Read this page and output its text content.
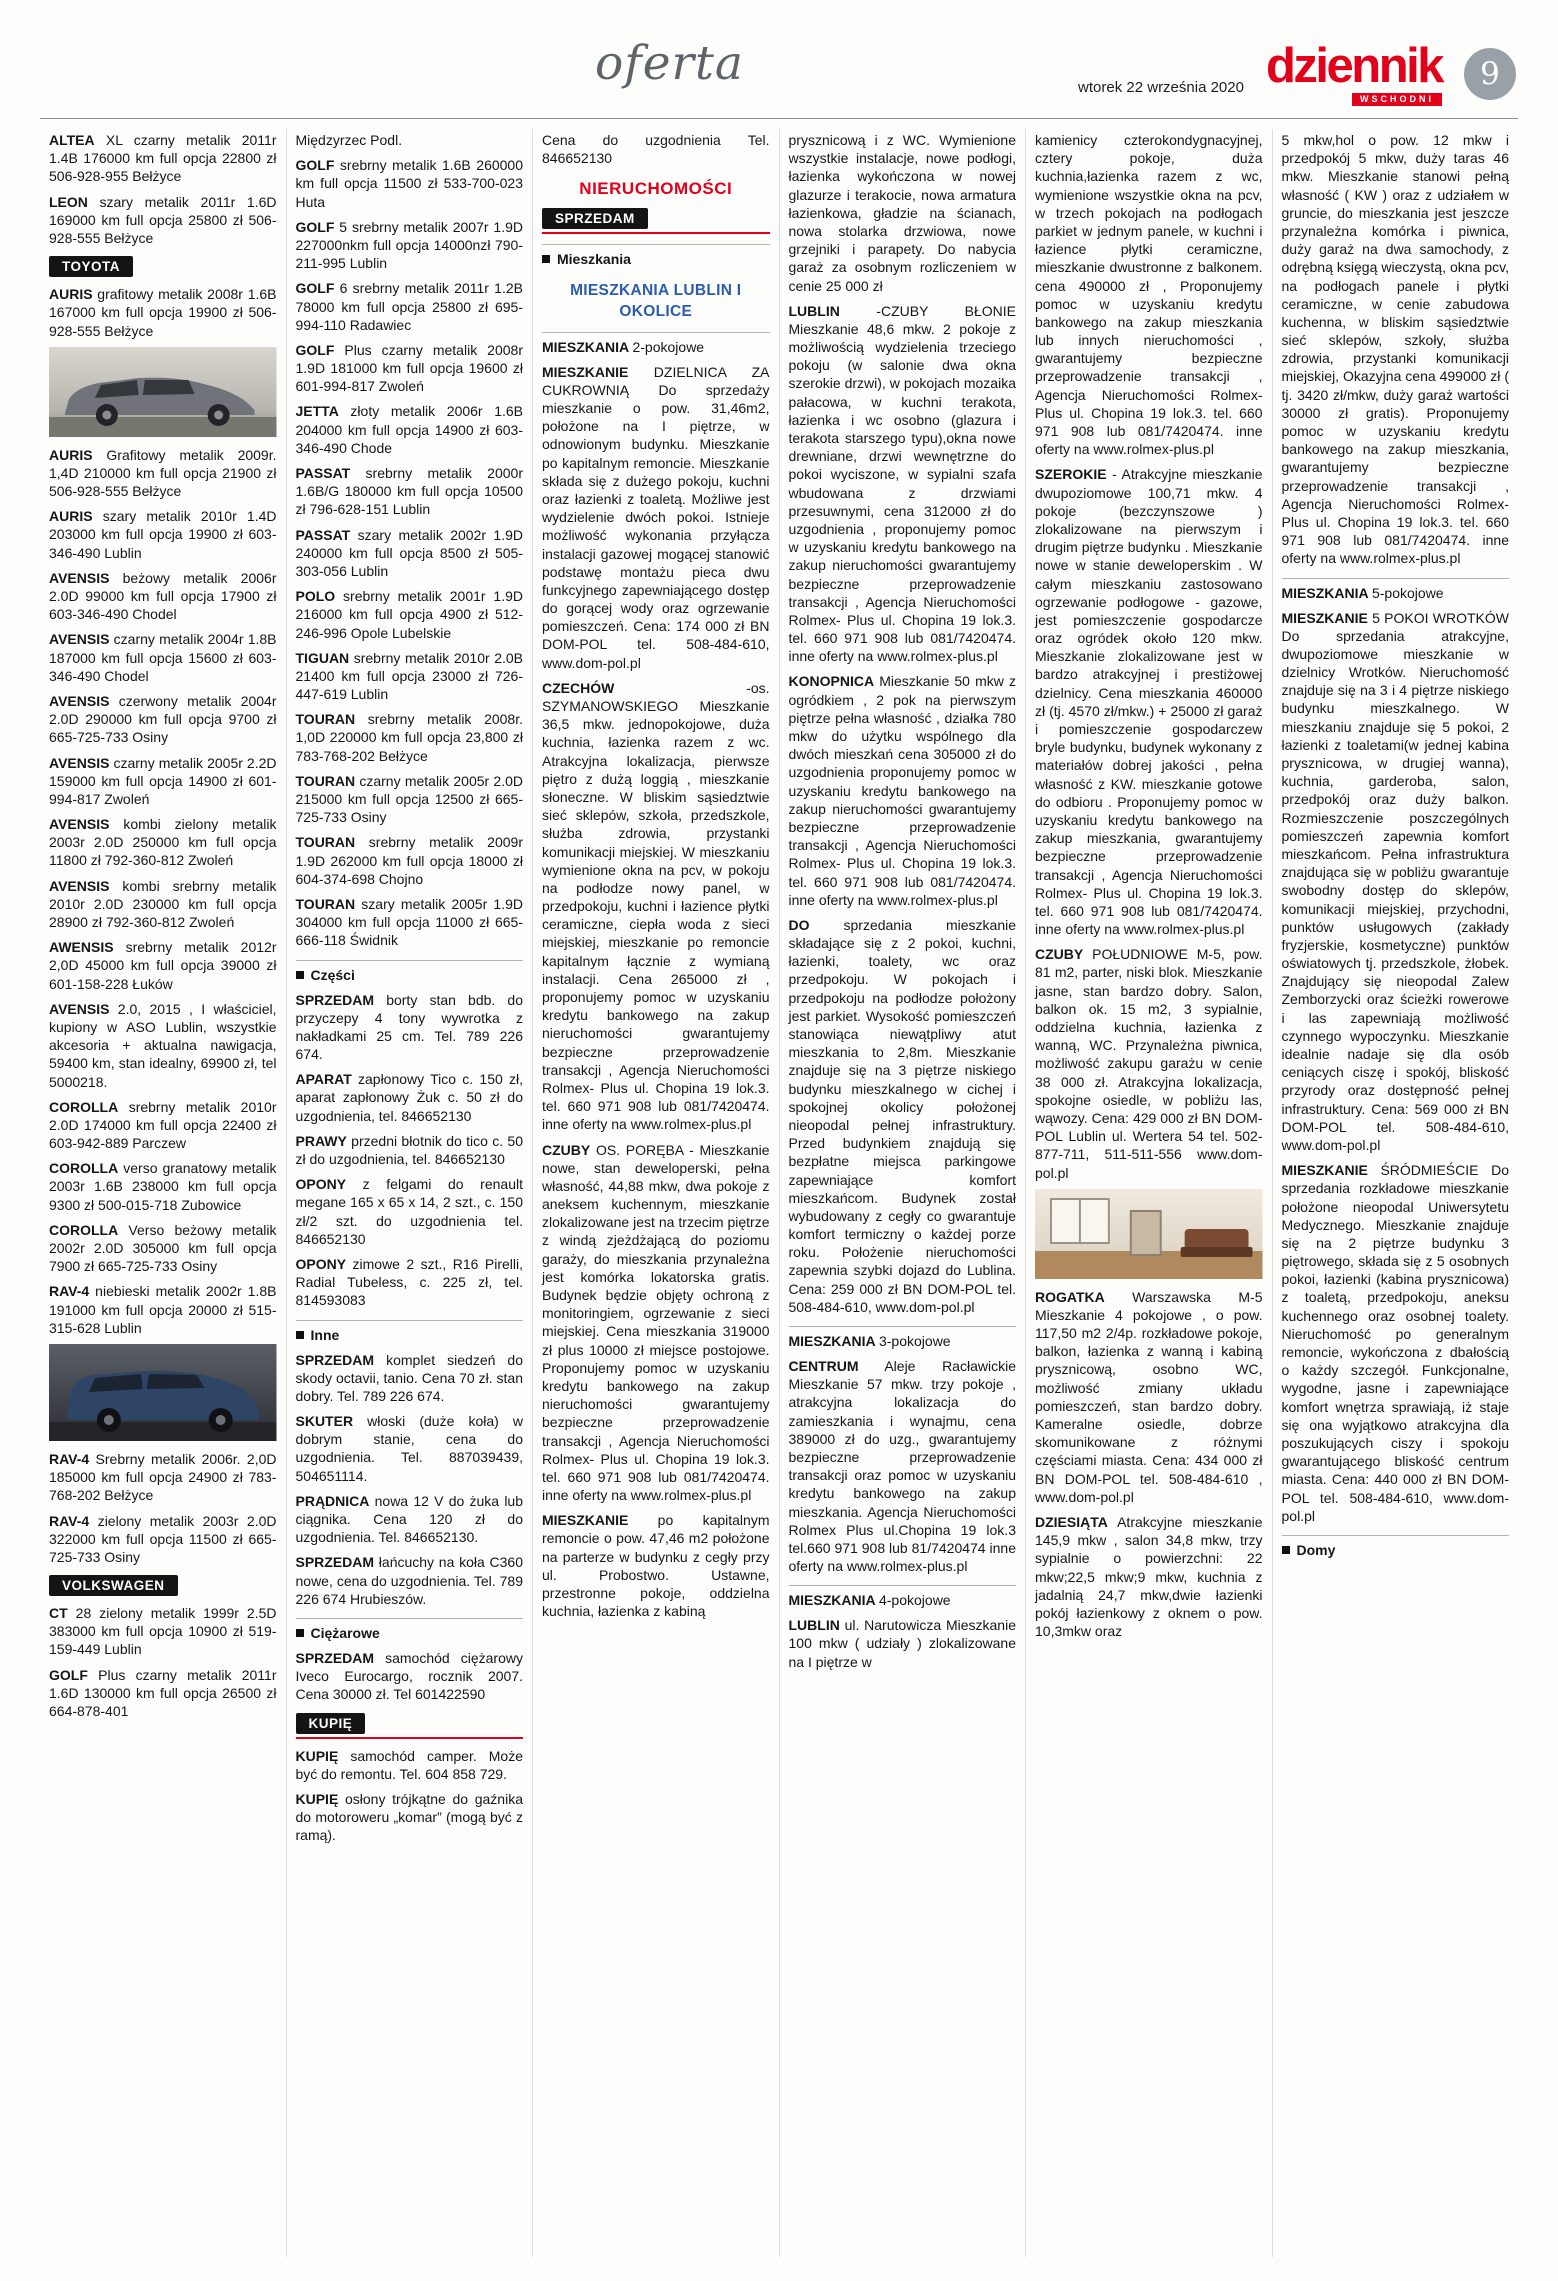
oferta	wtorek 22 września 2020 dziennik
WSCHODNI
9

ALTEA XL czarny metalik 2011r 1.4B 176000 km full opcja 22800 zł 506-928-955 Bełżyce

LEON szary metalik 2011r 1.6D 169000 km full opcja 25800 zł 506-928-555 Bełżyce

TOYOTA

AURIS grafitowy metalik 2008r 1.6B 167000 km full opcja 19900 zł 506-928-555 Bełżyce

AURIS Grafitowy metalik 2009r. 1,4D 210000 km full opcja 21900 zł 506-928-555 Bełżyce

AURIS szary metalik 2010r 1.4D 203000 km full opcja 19900 zł 603-346-490 Lublin

AVENSIS beżowy metalik 2006r 2.0D 99000 km full opcja 17900 zł 603-346-490 Chodel

AVENSIS czarny metalik 2004r 1.8B 187000 km full opcja 15600 zł 603-346-490 Chodel

AVENSIS czerwony metalik 2004r 2.0D 290000 km full opcja 9700 zł 665-725-733 Osiny

AVENSIS czarny metalik 2005r 2.2D 159000 km full opcja 14900 zł 601-994-817 Zwoleń

AVENSIS kombi zielony metalik 2003r 2.0D 250000 km full opcja 11800 zł 792-360-812 Zwoleń

AVENSIS kombi srebrny metalik 2010r 2.0D 230000 km full opcja 28900 zł 792-360-812 Zwoleń

AWENSIS srebrny metalik 2012r 2,0D 45000 km full opcja 39000 zł 601-158-228 Łuków

AVENSIS 2.0, 2015 , I właściciel, kupiony w ASO Lublin, wszystkie akcesoria + aktualna nawigacja, 59400 km, stan idealny, 69900 zł, tel 5000218.

COROLLA srebrny metalik 2010r 2.0D 174000 km full opcja 22400 zł 603-942-889 Parczew

COROLLA verso granatowy metalik 2003r 1.6B 238000 km full opcja 9300 zł 500-015-718 Zubowice

COROLLA Verso beżowy metalik 2002r 2.0D 305000 km full opcja 7900 zł 665-725-733 Osiny

RAV-4 niebieski metalik 2002r 1.8B 191000 km full opcja 20000 zł 515-315-628 Lublin

RAV-4 Srebrny metalik 2006r. 2,0D 185000 km full opcja 24900 zł 783-768-202 Bełżyce

RAV-4 zielony metalik 2003r 2.0D 322000 km full opcja 11500 zł 665-725-733 Osiny

VOLKSWAGEN

CT 28 zielony metalik 1999r 2.5D 383000 km full opcja 10900 zł 519-159-449 Lublin

GOLF Plus czarny metalik 2011r 1.6D 130000 km full opcja 26500 zł 664-878-401

Międzyrzec Podl.

GOLF srebrny metalik 1.6B 260000 km full opcja 11500 zł 533-700-023 Huta

GOLF 5 srebrny metalik 2007r 1.9D 227000nkm full opcja 14000nzł 790-211-995 Lublin

GOLF 6 srebrny metalik 2011r 1.2B 78000 km full opcja 25800 zł 695-994-110 Radawiec

GOLF Plus czarny metalik 2008r 1.9D 181000 km full opcja 19600 zł 601-994-817 Zwoleń

JETTA złoty metalik 2006r 1.6B 204000 km full opcja 14900 zł 603-346-490 Chode

PASSAT srebrny metalik 2000r 1.6B/G 180000 km full opcja 10500 zł 796-628-151 Lublin

PASSAT szary metalik 2002r 1.9D 240000 km full opcja 8500 zł 505-303-056 Lublin

POLO srebrny metalik 2001r 1.9D 216000 km full opcja 4900 zł 512-246-996 Opole Lubelskie

TIGUAN srebrny metalik 2010r 2.0B 21400 km full opcja 23000 zł 726-447-619 Lublin

TOURAN srebrny metalik 2008r. 1,0D 220000 km full opcja 23,800 zł 783-768-202 Bełżyce

TOURAN czarny metalik 2005r 2.0D 215000 km full opcja 12500 zł 665-725-733 Osiny

TOURAN srebrny metalik 2009r 1.9D 262000 km full opcja 18000 zł 604-374-698 Chojno

TOURAN szary metalik 2005r 1.9D 304000 km full opcja 11000 zł 665-666-118 Świdnik

Części

SPRZEDAM borty stan bdb. do przyczepy 4 tony wywrotka z nakładkami 25 cm. Tel. 789 226 674.

APARAT zapłonowy Tico c. 150 zł, aparat zapłonowy Żuk c. 50 zł do uzgodnienia, tel. 846652130

PRAWY przedni błotnik do tico c. 50 zł do uzgodnienia, tel. 846652130

OPONY z felgami do renault megane 165 x 65 x 14, 2 szt., c. 150 zł/2 szt. do uzgodnienia tel. 846652130

OPONY zimowe 2 szt., R16 Pirelli, Radial Tubeless, c. 225 zł, tel. 814593083

Inne

SPRZEDAM komplet siedzeń do skody octavii, tanio. Cena 70 zł. stan dobry. Tel. 789 226 674.

SKUTER włoski (duże koła) w dobrym stanie, cena do uzgodnienia. Tel. 887039439, 504651114.

PRĄDNICA nowa 12 V do żuka lub ciągnika. Cena 120 zł do uzgodnienia. Tel. 846652130.

SPRZEDAM łańcuchy na koła C360 nowe, cena do uzgodnienia. Tel. 789 226 674 Hrubieszów.

Ciężarowe

SPRZEDAM samochód ciężarowy Iveco Eurocargo, rocznik 2007. Cena 30000 zł. Tel 601422590

KUPIĘ

KUPIĘ samochód camper. Może być do remontu. Tel. 604 858 729.

KUPIĘ osłony trójkątne do gaźnika do motoroweru „komar” (mogą być z ramą).

Cena do uzgodnienia Tel. 846652130

NIERUCHOMOŚCI
SPRZEDAM
Mieszkania
MIESZKANIA LUBLIN I OKOLICE
MIESZKANIA 2-pokojowe

MIESZKANIE DZIELNICA ZA CUKROWNIĄ Do sprzedaży mieszkanie o pow. 31,46m2, położone na I piętrze, w odnowionym budynku. Mieszkanie po kapitalnym remoncie. Mieszkanie składa się z dużego pokoju, kuchni oraz łazienki z toaletą. Możliwe jest wydzielenie dwóch pokoi. Istnieje możliwość wykonania przyłącza instalacji gazowej mogącej stanowić podstawę montażu pieca dwu funkcyjnego zapewniającego dostęp do gorącej wody oraz ogrzewanie pomieszczeń. Cena: 174 000 zł BN DOM-POL tel. 508-484-610, www.dom-pol.pl

CZECHÓW -os. SZYMANOWSKIEGO Mieszkanie 36,5 mkw. jednopokojowe, duża kuchnia, łazienka razem z wc. Atrakcyjna lokalizacja, pierwsze piętro z dużą loggią , mieszkanie słoneczne. W bliskim sąsiedztwie sieć sklepów, szkoła, przedszkole, służba zdrowia, przystanki komunikacji miejskiej. W mieszkaniu wymienione okna na pcv, w pokoju na podłodze nowy panel, w przedpokoju, kuchni i łazience płytki ceramiczne, ciepła woda z sieci miejskiej, mieszkanie po remoncie kapitalnym łącznie z wymianą instalacji. Cena 265000 zł , proponujemy pomoc w uzyskaniu kredytu bankowego na zakup nieruchomości gwarantujemy bezpieczne przeprowadzenie transakcji , Agencja Nieruchomości Rolmex- Plus ul. Chopina 19 lok.3. tel. 660 971 908 lub 081/7420474. inne oferty na www.rolmex-plus.pl

CZUBY OS. PORĘBA - Mieszkanie nowe, stan deweloperski, pełna własność, 44,88 mkw, dwa pokoje z aneksem kuchennym, mieszkanie zlokalizowane jest na trzecim piętrze z windą zjeżdżającą do poziomu garaży, do mieszkania przynależna jest komórka lokatorska gratis. Budynek będzie objęty ochroną z monitoringiem, ogrzewanie z sieci miejskiej. Cena mieszkania 319000 zł plus 10000 zł miejsce postojowe. Proponujemy pomoc w uzyskaniu kredytu bankowego na zakup nieruchomości gwarantujemy bezpieczne przeprowadzenie transakcji , Agencja Nieruchomości Rolmex- Plus ul. Chopina 19 lok.3. tel. 660 971 908 lub 081/7420474. inne oferty na www.rolmex-plus.pl

MIESZKANIE po kapitalnym remoncie o pow. 47,46 m2 położone na parterze w budynku z cegły przy ul. Probostwo. Ustawne, przestronne pokoje, oddzielna kuchnia, łazienka z kabiną

prysznicową i z WC. Wymienione wszystkie instalacje, nowe podłogi, łazienka wykończona w nowej glazurze i terakocie, nowa armatura łazienkowa, gładzie na ścianach, nowa stolarka drzwiowa, nowe grzejniki i parapety. Do nabycia garaż za osobnym rozliczeniem w cenie 25 000 zł

LUBLIN -CZUBY BŁONIE Mieszkanie 48,6 mkw. 2 pokoje z możliwością wydzielenia trzeciego pokoju (w salonie dwa okna szerokie drzwi), w pokojach mozaika pałacowa, w kuchni terakota, łazienka i wc osobno (glazura i terakota starszego typu),okna nowe drewniane, drzwi wewnętrzne do pokoi wyciszone, w sypialni szafa wbudowana z drzwiami przesuwnymi, cena 312000 zł do uzgodnienia , proponujemy pomoc w uzyskaniu kredytu bankowego na zakup nieruchomości gwarantujemy bezpieczne przeprowadzenie transakcji , Agencja Nieruchomości Rolmex- Plus ul. Chopina 19 lok.3. tel. 660 971 908 lub 081/7420474. inne oferty na www.rolmex-plus.pl

KONOPNICA Mieszkanie 50 mkw z ogródkiem , 2 pok na pierwszym piętrze pełna własność , działka 780 mkw do użytku wspólnego dla dwóch mieszkań cena 305000 zł do uzgodnienia proponujemy pomoc w uzyskaniu kredytu bankowego na zakup nieruchomości gwarantujemy bezpieczne przeprowadzenie transakcji , Agencja Nieruchomości Rolmex- Plus ul. Chopina 19 lok.3. tel. 660 971 908 lub 081/7420474. inne oferty na www.rolmex-plus.pl

DO sprzedania mieszkanie składające się z 2 pokoi, kuchni, łazienki, toalety, wc oraz przedpokoju. W pokojach i przedpokoju na podłodze położony jest parkiet. Wysokość pomieszczeń stanowiąca niewątpliwy atut mieszkania to 2,8m. Mieszkanie znajduje się na 3 piętrze niskiego budynku mieszkalnego w cichej i spokojnej okolicy położonej nieopodal pełnej infrastruktury. Przed budynkiem znajdują się bezpłatne miejsca parkingowe zapewniające komfort mieszkańcom. Budynek został wybudowany z cegły co gwarantuje komfort termiczny o każdej porze roku. Położenie nieruchomości zapewnia szybki dojazd do Lublina. Cena: 259 000 zł BN DOM-POL tel. 508-484-610, www.dom-pol.pl

MIESZKANIA 3-pokojowe

CENTRUM Aleje Racławickie Mieszkanie 57 mkw. trzy pokoje , atrakcyjna lokalizacja do zamieszkania i wynajmu, cena 389000 zł do uzg., gwarantujemy bezpieczne przeprowadzenie transakcji oraz pomoc w uzyskaniu kredytu bankowego na zakup mieszkania. Agencja Nieruchomości Rolmex Plus ul.Chopina 19 lok.3 tel.660 971 908 lub 81/7420474 inne oferty na www.rolmex-plus.pl

MIESZKANIA 4-pokojowe

LUBLIN ul. Narutowicza Mieszkanie 100 mkw ( udziały ) zlokalizowane na I piętrze w

kamienicy czterokondygnacyjnej, cztery pokoje, duża kuchnia,łazienka razem z wc, wymienione wszystkie okna na pcv, w trzech pokojach na podłogach parkiet w jednym panele, w kuchni i łazience płytki ceramiczne, mieszkanie dwustronne z balkonem. cena 490000 zł , Proponujemy pomoc w uzyskaniu kredytu bankowego na zakup mieszkania lub innych nieruchomości , gwarantujemy bezpieczne przeprowadzenie transakcji , Agencja Nieruchomości Rolmex- Plus ul. Chopina 19 lok.3. tel. 660 971 908 lub 081/7420474. inne oferty na www.rolmex-plus.pl

SZEROKIE - Atrakcyjne mieszkanie dwupoziomowe 100,71 mkw. 4 pokoje (bezczynszowe ) zlokalizowane na pierwszym i drugim piętrze budynku . Mieszkanie nowe w stanie deweloperskim . W całym mieszkaniu zastosowano ogrzewanie podłogowe - gazowe, jest pomieszczenie gospodarcze oraz ogródek około 120 mkw. Mieszkanie zlokalizowane jest w bardzo atrakcyjnej i prestiżowej dzielnicy. Cena mieszkania 460000 zł (tj. 4570 zł/mkw.) + 25000 zł garaż i pomieszczenie gospodarczew bryle budynku, budynek wykonany z materiałów dobrej jakości , pełna własność z KW. mieszkanie gotowe do odbioru . Proponujemy pomoc w uzyskaniu kredytu bankowego na zakup mieszkania, gwarantujemy bezpieczne przeprowadzenie transakcji , Agencja Nieruchomości Rolmex- Plus ul. Chopina 19 lok.3. tel. 660 971 908 lub 081/7420474. inne oferty na www.rolmex-plus.pl

CZUBY POŁUDNIOWE M-5, pow. 81 m2, parter, niski blok. Mieszkanie jasne, stan bardzo dobry. Salon, balkon ok. 15 m2, 3 sypialnie, oddzielna kuchnia, łazienka z wanną, WC. Przynależna piwnica, możliwość zakupu garażu w cenie 38 000 zł. Atrakcyjna lokalizacja, spokojne osiedle, w pobliżu las, wąwozy. Cena: 429 000 zł BN DOM-POL Lublin ul. Wertera 54 tel. 502-877-711, 511-511-556 www.dom-pol.pl

ROGATKA Warszawska M-5 Mieszkanie 4 pokojowe , o pow. 117,50 m2 2/4p. rozkładowe pokoje, balkon, łazienka z wanną i kabiną prysznicową, osobno WC, możliwość zmiany układu pomieszczeń, stan bardzo dobry. Kameralne osiedle, dobrze skomunikowane z różnymi częściami miasta. Cena: 434 000 zł BN DOM-POL tel. 508-484-610 , www.dom-pol.pl

DZIESIĄTA Atrakcyjne mieszkanie 145,9 mkw , salon 34,8 mkw, trzy sypialnie o powierzchni: 22 mkw;22,5 mkw;9 mkw, kuchnia z jadalnią 24,7 mkw,dwie łazienki pokój łazienkowy z oknem o pow. 10,3mkw oraz

5 mkw,hol o pow. 12 mkw i przedpokój 5 mkw, duży taras 46 mkw. Mieszkanie stanowi pełną własność ( KW ) oraz z udziałem w gruncie, do mieszkania jest jeszcze przynależna komórka i piwnica, duży garaż na dwa samochody, z odrębną księgą wieczystą, okna pcv, na podłogach panele i płytki ceramiczne, w cenie zabudowa kuchenna, w bliskim sąsiedztwie sieć sklepów, szkoły, służba zdrowia, przystanki komunikacji miejskiej, Okazyjna cena 499000 zł ( tj. 3420 zł/mkw, duży garaż wartości 30000 zł gratis). Proponujemy pomoc w uzyskaniu kredytu bankowego na zakup mieszkania, gwarantujemy bezpieczne przeprowadzenie transakcji , Agencja Nieruchomości Rolmex- Plus ul. Chopina 19 lok.3. tel. 660 971 908 lub 081/7420474. inne oferty na www.rolmex-plus.pl

MIESZKANIA 5-pokojowe

MIESZKANIE 5 POKOI WROTKÓW Do sprzedania atrakcyjne, dwupoziomowe mieszkanie w dzielnicy Wrotków. Nieruchomość znajduje się na 3 i 4 piętrze niskiego budynku mieszkalnego. W mieszkaniu znajduje się 5 pokoi, 2 łazienki z toaletami(w jednej kabina prysznicowa, w drugiej wanna), kuchnia, garderoba, salon, przedpokój oraz duży balkon. Rozmieszczenie poszczególnych pomieszczeń zapewnia komfort mieszkańcom. Pełna infrastruktura znajdująca się w pobliżu gwarantuje swobodny dostęp do sklepów, komunikacji miejskiej, przychodni, punktów usługowych (zakłady fryzjerskie, kosmetyczne) punktów oświatowych tj. przedszkole, żłobek. Znajdujący się nieopodal Zalew Zemborzycki oraz ścieżki rowerowe i las zapewniają możliwość czynnego wypoczynku. Mieszkanie idealnie nadaje się dla osób ceniących ciszę i spokój, bliskość przyrody oraz dostępność pełnej infrastruktury. Cena: 569 000 zł BN DOM-POL tel. 508-484-610, www.dom-pol.pl

MIESZKANIE ŚRÓDMIEŚCIE Do sprzedania rozkładowe mieszkanie położone nieopodal Uniwersytetu Medycznego. Mieszkanie znajduje się na 2 piętrze budynku 3 piętrowego, składa się z 5 osobnych pokoi, łazienki (kabina prysznicowa) z toaletą, przedpokoju, aneksu kuchennego oraz osobnej toalety. Nieruchomość po generalnym remoncie, wykończona z dbałością o każdy szczegół. Funkcjonalne, wygodne, jasne i zapewniające komfort wnętrza sprawiają, iż staje się ona wyjątkowo atrakcyjna dla poszukujących ciszy i spokoju gwarantującego bliskość centrum miasta. Cena: 440 000 zł BN DOM-POL tel. 508-484-610, www.dom-pol.pl

Domy
